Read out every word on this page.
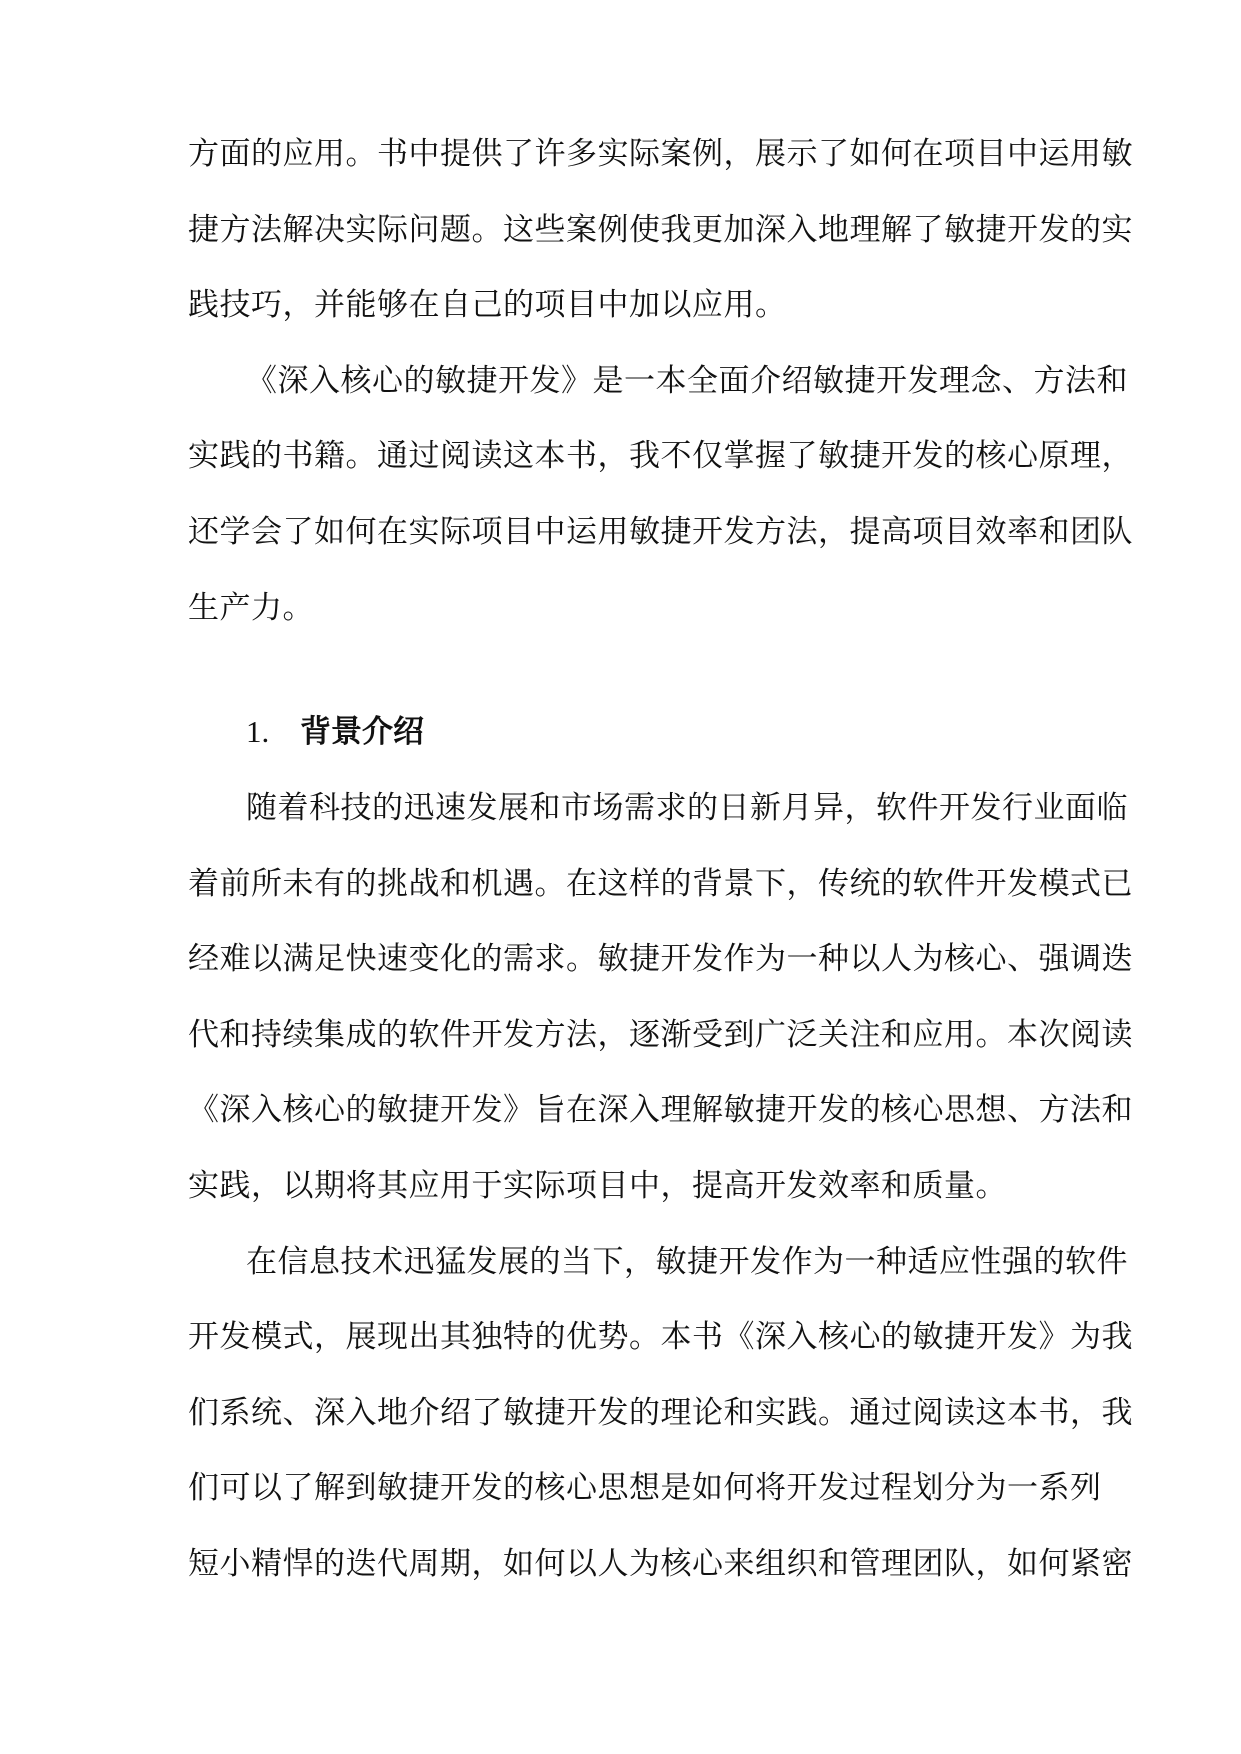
方面的应用。书中提供了许多实际案例，展示了如何在项目中运用敏
捷方法解决实际问题。这些案例使我更加深入地理解了敏捷开发的实
践技巧，并能够在自己的项目中加以应用。
《深入核心的敏捷开发》是一本全面介绍敏捷开发理念、方法和
实践的书籍。通过阅读这本书，我不仅掌握了敏捷开发的核心原理，
还学会了如何在实际项目中运用敏捷开发方法，提高项目效率和团队
生产力。
1. 背景介绍
随着科技的迅速发展和市场需求的日新月异，软件开发行业面临
着前所未有的挑战和机遇。在这样的背景下，传统的软件开发模式已
经难以满足快速变化的需求。敏捷开发作为一种以人为核心、强调迭
代和持续集成的软件开发方法，逐渐受到广泛关注和应用。本次阅读
《深入核心的敏捷开发》旨在深入理解敏捷开发的核心思想、方法和
实践，以期将其应用于实际项目中，提高开发效率和质量。
在信息技术迅猛发展的当下，敏捷开发作为一种适应性强的软件
开发模式，展现出其独特的优势。本书《深入核心的敏捷开发》为我
们系统、深入地介绍了敏捷开发的理论和实践。通过阅读这本书，我
们可以了解到敏捷开发的核心思想是如何将开发过程划分为一系列
短小精悍的迭代周期，如何以人为核心来组织和管理团队，如何紧密
